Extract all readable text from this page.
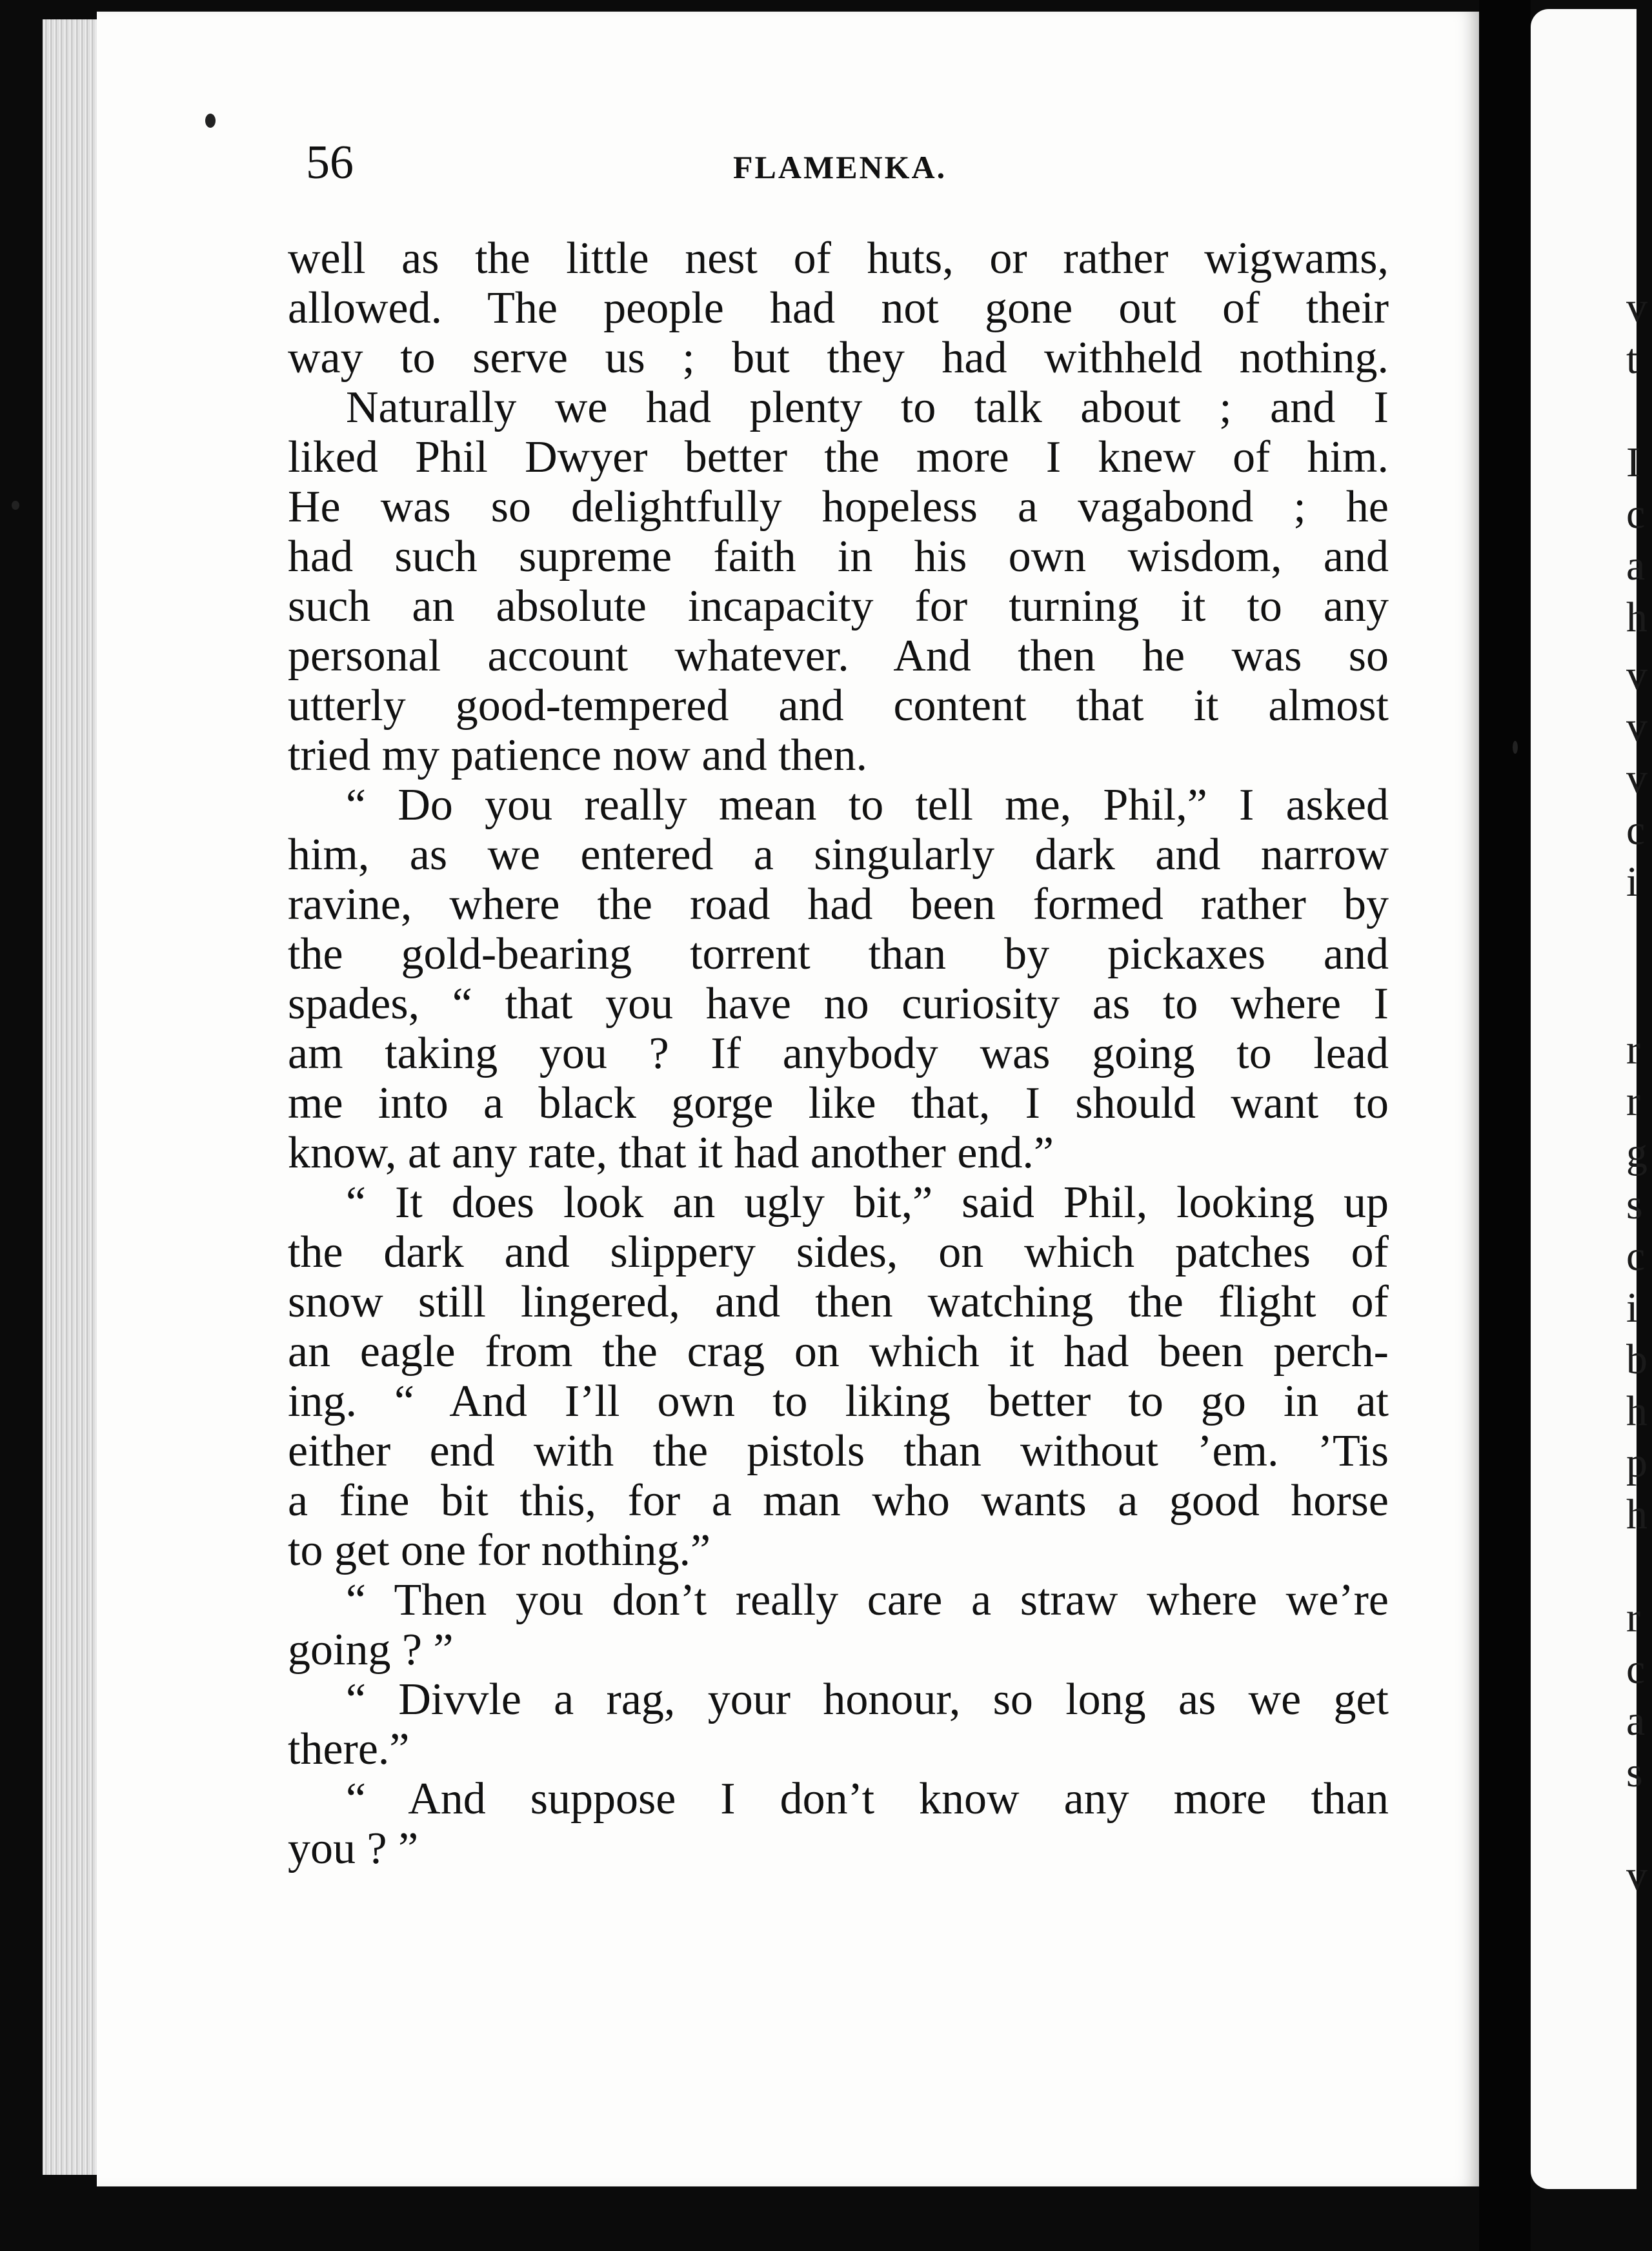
v
t
I
c
a
h
v
v
v
c
i
r
r
g
s
c
i
b
h
p
h
r
c
a
s
v
56	FLAMENKA.
well as the little nest of huts, or rather wigwams,
allowed. The people had not gone out of their
way to serve us ; but they had withheld nothing.
Naturally we had plenty to talk about ; and I
liked Phil Dwyer better the more I knew of him.
He was so delightfully hopeless a vagabond ; he
had such supreme faith in his own wisdom, and
such an absolute incapacity for turning it to any
personal account whatever. And then he was so
utterly good-tempered and content that it almost
tried my patience now and then.
“ Do you really mean to tell me, Phil,” I asked
him, as we entered a singularly dark and narrow
ravine, where the road had been formed rather by
the gold-bearing torrent than by pickaxes and
spades, “ that you have no curiosity as to where I
am taking you ? If anybody was going to lead
me into a black gorge like that, I should want to
know, at any rate, that it had another end.”
“ It does look an ugly bit,” said Phil, looking up
the dark and slippery sides, on which patches of
snow still lingered, and then watching the flight of
an eagle from the crag on which it had been perch-
ing. “ And I’ll own to liking better to go in at
either end with the pistols than without ’em. ’Tis
a fine bit this, for a man who wants a good horse
to get one for nothing.”
“ Then you don’t really care a straw where we’re
going ? ”
“ Divvle a rag, your honour, so long as we get
there.”
“ And suppose I don’t know any more than
you ? ”
